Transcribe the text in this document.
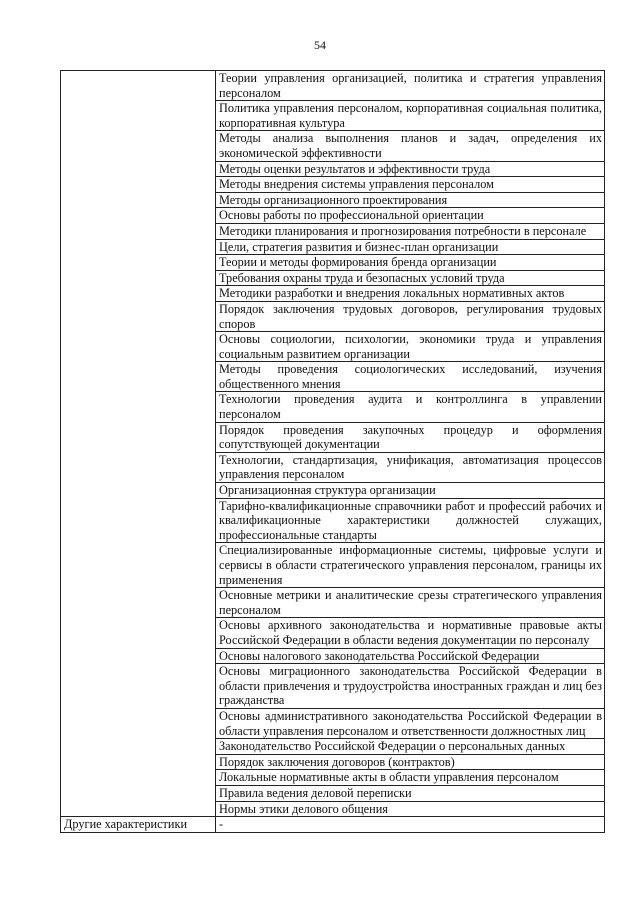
54
	Теории управления организацией, политика и стратегия управления персоналом
	Политика управления персоналом, корпоративная социальная политика, корпоративная культура
	Методы анализа выполнения планов и задач, определения их экономической эффективности
	Методы оценки результатов и эффективности труда
	Методы внедрения системы управления персоналом
	Методы организационного проектирования
	Основы работы по профессиональной ориентации
	Методики планирования и прогнозирования потребности в персонале
	Цели, стратегия развития и бизнес-план организации
	Теории и методы формирования бренда организации
	Требования охраны труда и безопасных условий труда
	Методики разработки и внедрения локальных нормативных актов
	Порядок заключения трудовых договоров, регулирования трудовых споров
	Основы социологии, психологии, экономики труда и управления социальным развитием организации
	Методы проведения социологических исследований, изучения общественного мнения
	Технологии проведения аудита и контроллинга в управлении персоналом
	Порядок проведения закупочных процедур и оформления сопутствующей документации
	Технологии, стандартизация, унификация, автоматизация процессов управления персоналом
	Организационная структура организации
	Тарифно-квалификационные справочники работ и профессий рабочих и квалификационные характеристики должностей служащих, профессиональные стандарты
	Специализированные информационные системы, цифровые услуги и сервисы в области стратегического управления персоналом, границы их применения
	Основные метрики и аналитические срезы стратегического управления персоналом
	Основы архивного законодательства и нормативные правовые акты Российской Федерации в области ведения документации по персоналу
	Основы налогового законодательства Российской Федерации
	Основы миграционного законодательства Российской Федерации в области привлечения и трудоустройства иностранных граждан и лиц без гражданства
	Основы административного законодательства Российской Федерации в области управления персоналом и ответственности должностных лиц
	Законодательство Российской Федерации о персональных данных
	Порядок заключения договоров (контрактов)
	Локальные нормативные акты в области управления персоналом
	Правила ведения деловой переписки
	Нормы этики делового общения
Другие характеристики	-
